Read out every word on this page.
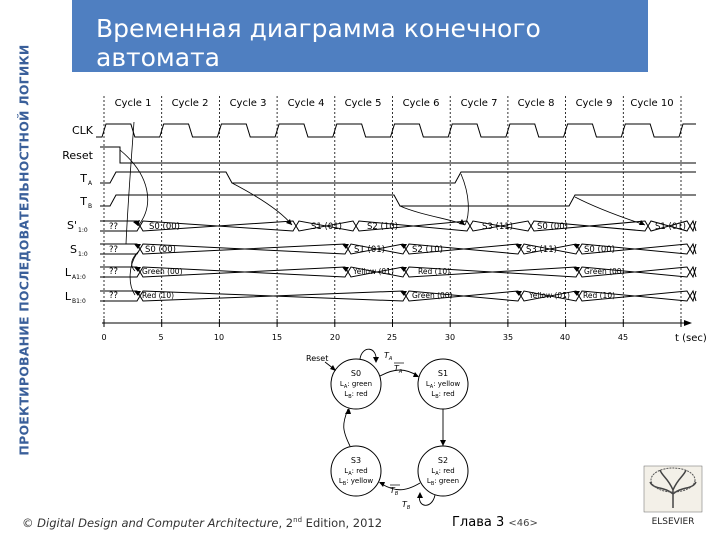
ПРОЕКТИРОВАНИЕ ПОСЛЕДОВАТЕЛЬНОСТНОЙ ЛОГИКИ
Временная диаграмма конечного автомата
Cycle 1 Cycle 2 Cycle 3 Cycle 4 Cycle 5 Cycle 6 Cycle 7 Cycle 8 Cycle 9 Cycle 10
CLK
Reset
T A
T B
S' 1:0
S 1:0
L A1:0
L B1:0
??	S0 (00)	S1 (01)	S2 (10)	S3 (11)	S0 (00)	S1 (01)
??	S0 (00)	S1 (01)	S2 (10)	S3 (11)	S0 (00)
??	Green (00)	Yellow (01)	Red (10)	Green (00)
??	Red (10)	Green (00)	Yellow (01) Red (10)
0	5	10	15	20	25	30	35	40	45	t (sec)
S0
$L_A$: green
$L_B$: red
S1
$L_A$: yellow
$L_B$: red
S2
$L_A$: red
$L_B$: green
S3
$L_A$: red
$L_B$: yellow
Reset	$T_A$
$T_A$
$T_B$
$T_B$
© Digital Design and Computer Architecture, 2nd Edition, 2012	Глава 3 <46>	ELSEVIER
